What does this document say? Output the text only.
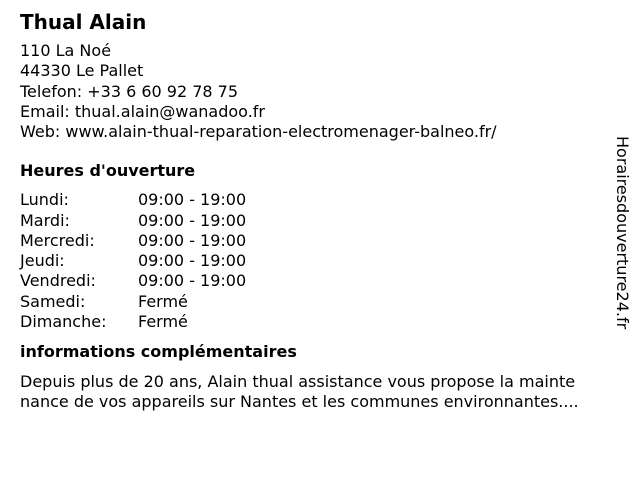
Thual Alain
110 La Noé
44330 Le Pallet
Telefon: +33 6 60 92 78 75
Email: thual.alain@wanadoo.fr
Web: www.alain-thual-reparation-electromenager-balneo.fr/
Heures d'ouverture
Lundi:	09:00 - 19:00
Mardi:	09:00 - 19:00
Mercredi:	09:00 - 19:00
Jeudi:	09:00 - 19:00
Vendredi:	09:00 - 19:00
Samedi:	Fermé
Dimanche:	Fermé
informations complémentaires
Depuis plus de 20 ans, Alain thual assistance vous propose la mainte
nance de vos appareils sur Nantes et les communes environnantes....
Horairesdouverture24.fr
